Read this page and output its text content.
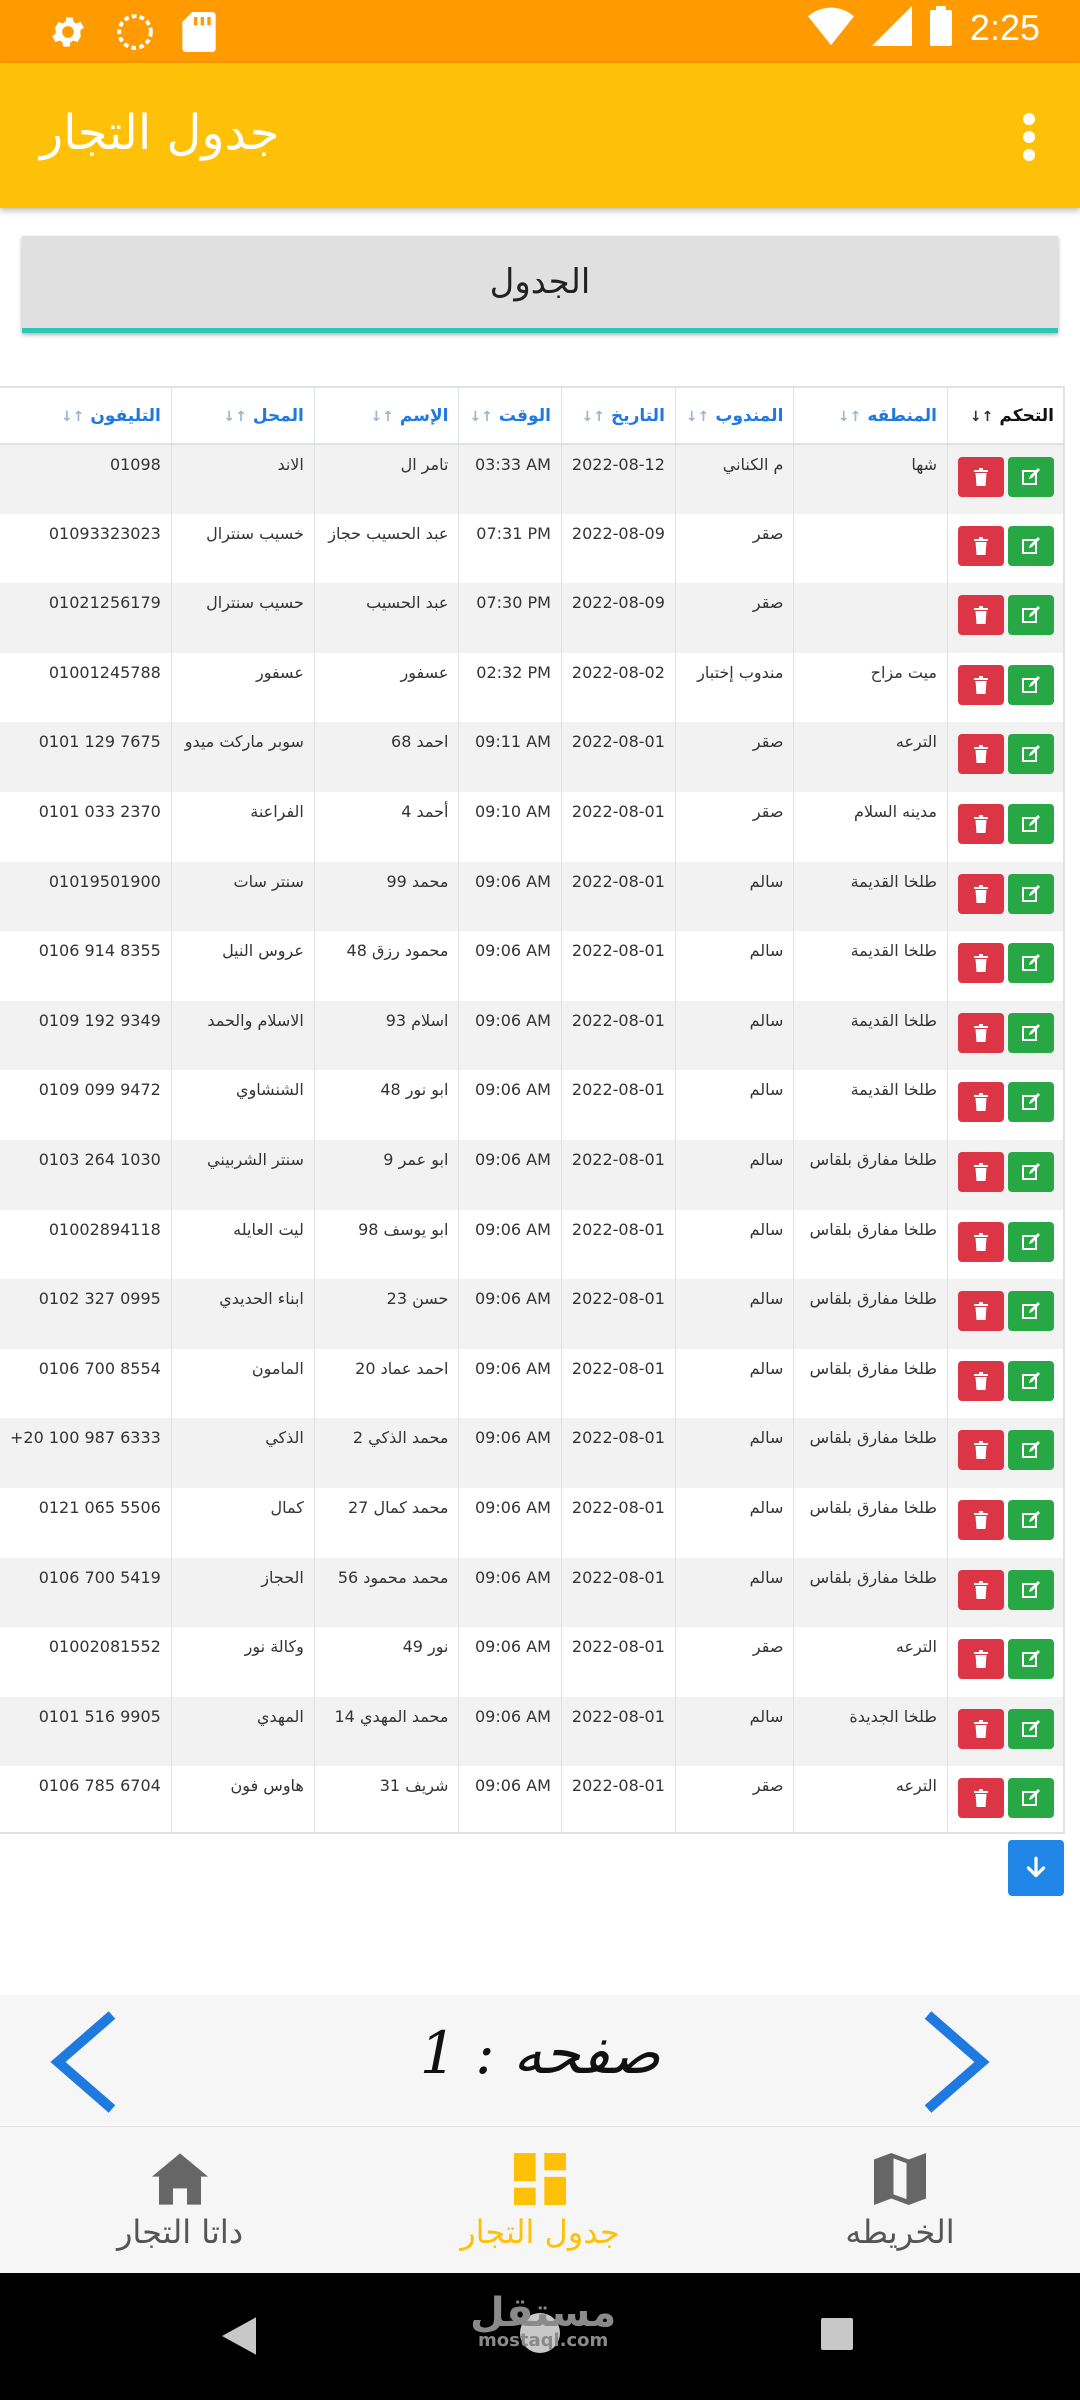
2:25
جدول التجار
الجدول
التحكم↑↓	المنطقه↑↓	المندوب↑↓	التاريخ↑↓	الوقت↑↓	الإسم↑↓	المحل↑↓	التليفون↑↓

	شها	م الكناني	2022-08-12	03:33 AM	تامر ال	الاند	01098

		صقر	2022-08-09	07:31 PM	عبد الحسيب حجاز	خسيب سنترال	01093323023

		صقر	2022-08-09	07:30 PM	عبد الحسيب	حسيب سنترال	01021256179

	ميت مزاح	مندوب إختبار	2022-08-02	02:32 PM	عسفور	عسفور	01001245788

	الترعه	صقر	2022-08-01	09:11 AM	احمد 68	سوبر ماركت ميدو	0101 129 7675

	مدينه السلام	صقر	2022-08-01	09:10 AM	أحمد 4	الفراعنة	0101 033 2370

	طلخا القديمة	سالم	2022-08-01	09:06 AM	محمد 99	سنتر سات	01019501900

	طلخا القديمة	سالم	2022-08-01	09:06 AM	محمود رزق 48	عروس النيل	0106 914 8355

	طلخا القديمة	سالم	2022-08-01	09:06 AM	اسلام 93	الاسلام والحمد	0109 192 9349

	طلخا القديمة	سالم	2022-08-01	09:06 AM	ابو نور 48	الشنشاوي	0109 099 9472

	طلخا مفارق بلقاس	سالم	2022-08-01	09:06 AM	ابو عمر 9	سنتر الشربيني	0103 264 1030

	طلخا مفارق بلقاس	سالم	2022-08-01	09:06 AM	ابو يوسف 98	ليت العايله	01002894118

	طلخا مفارق بلقاس	سالم	2022-08-01	09:06 AM	حسن 23	ابناء الحديدي	0102 327 0995

	طلخا مفارق بلقاس	سالم	2022-08-01	09:06 AM	احمد عماد 20	المامون	0106 700 8554

	طلخا مفارق بلقاس	سالم	2022-08-01	09:06 AM	محمد الذكي 2	الذكي	+20 100 987 6333

	طلخا مفارق بلقاس	سالم	2022-08-01	09:06 AM	محمد كمال 27	كمال	0121 065 5506

	طلخا مفارق بلقاس	سالم	2022-08-01	09:06 AM	محمد محمود 56	الحجاز	0106 700 5419

	الترعه	صقر	2022-08-01	09:06 AM	نور 49	وكالة نور	01002081552

	طلخا الجديدة	سالم	2022-08-01	09:06 AM	محمد المهدي 14	المهدي	0101 516 9905

	الترعه	صقر	2022-08-01	09:06 AM	شريف 31	هاوس فون	0106 785 6704
صفحه : 1
داتا التجار	جدول التجار	الخريطه
مستقل
mostaql.com
